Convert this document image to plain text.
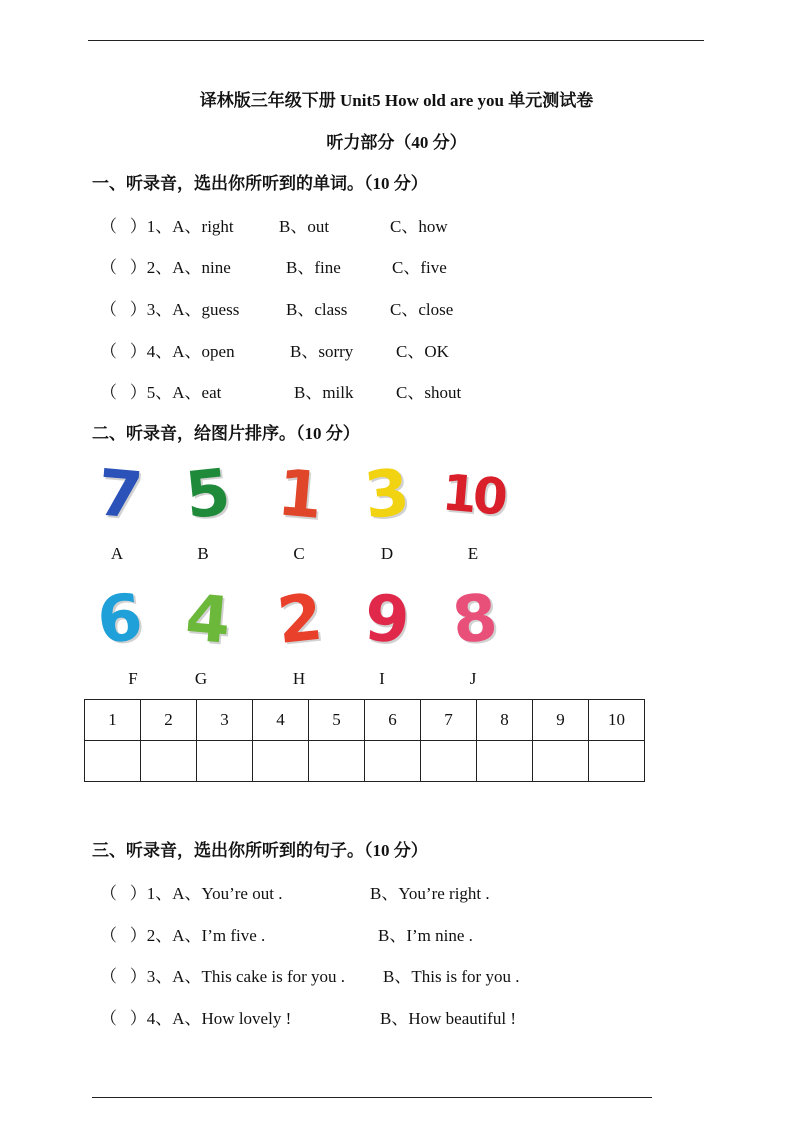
译林版三年级下册 Unit5 How old are you 单元测试卷
听力部分（40 分）
一、听录音，选出你所听到的单词。（10 分）
（   ）1、A、right	B、out	C、how
（   ）2、A、nine	B、fine	C、five
（   ）3、A、guess	B、class	C、close
（   ）4、A、open	B、sorry	C、OK
（   ）5、A、eat	B、milk C、shout
二、听录音，给图片排序。（10 分）
7
A
5
B
1
C
3
D
10
E
6
F
4
G
2
H
9
I
8
J
1	2	3	4	5	6	7	8	9	10

三、听录音，选出你所听到的句子。（10 分）
（   ）1、A、You’re out .	B、You’re right .
（   ）2、A、I’m five .	B、I’m nine .
（   ）3、A、This cake is for you . B、This is for you .
（   ）4、A、How lovely !	B、How beautiful !
